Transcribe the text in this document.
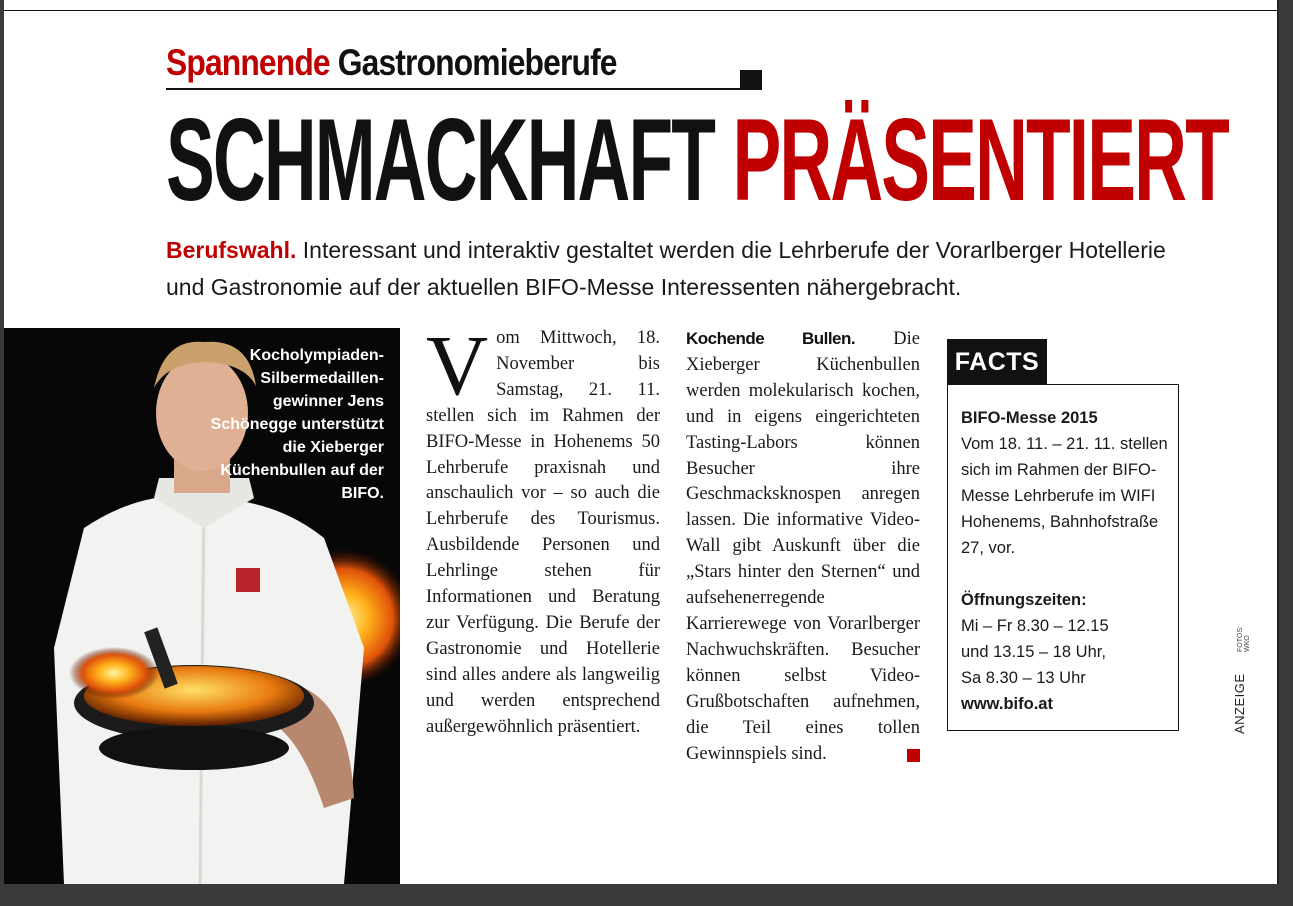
Spannende Gastronomieberufe
SCHMACKHAFT PRÄSENTIERT
Berufswahl. Interessant und interaktiv gestaltet werden die Lehrberufe der Vorarlberger Hotellerie und Gastronomie auf der aktuellen BIFO-Messe Interessenten nähergebracht.
Kocholympiaden-Silbermedaillen-gewinner Jens Schönegge unterstützt die Xieberger Küchenbullen auf der BIFO.
V om Mittwoch, 18. November bis Samstag, 21. 11. stellen sich im Rahmen der BIFO-Messe in Hohenems 50 Lehrberufe praxisnah und anschaulich vor – so auch die Lehrberufe des Tourismus. Ausbildende Personen und Lehrlinge stehen für Informationen und Beratung zur Verfügung. Die Berufe der Gastronomie und Hotellerie sind alles andere als langweilig und werden entsprechend außergewöhnlich präsentiert.
Kochende Bullen. Die Xieberger Küchenbullen werden molekularisch kochen, und in eigens eingerichteten Tasting-Labors können Besucher ihre Geschmacksknospen anregen lassen. Die informative Video-Wall gibt Auskunft über die „Stars hinter den Sternen“ und aufsehenerregende Karrierewege von Vorarlberger Nachwuchskräften. Besucher können selbst Video-Grußbotschaften aufnehmen, die Teil eines tollen Gewinnspiels sind.
FACTS

BIFO-Messe 2015

Vom 18. 11. – 21. 11. stellen sich im Rahmen der BIFO-Messe Lehrberufe im WIFI Hohenems, Bahnhofstraße 27, vor.

Öffnungszeiten:

Mi – Fr 8.30 – 12.15

und 13.15 – 18 Uhr,

Sa 8.30 – 13 Uhr

www.bifo.at

FOTOS: WKO
ANZEIGE
